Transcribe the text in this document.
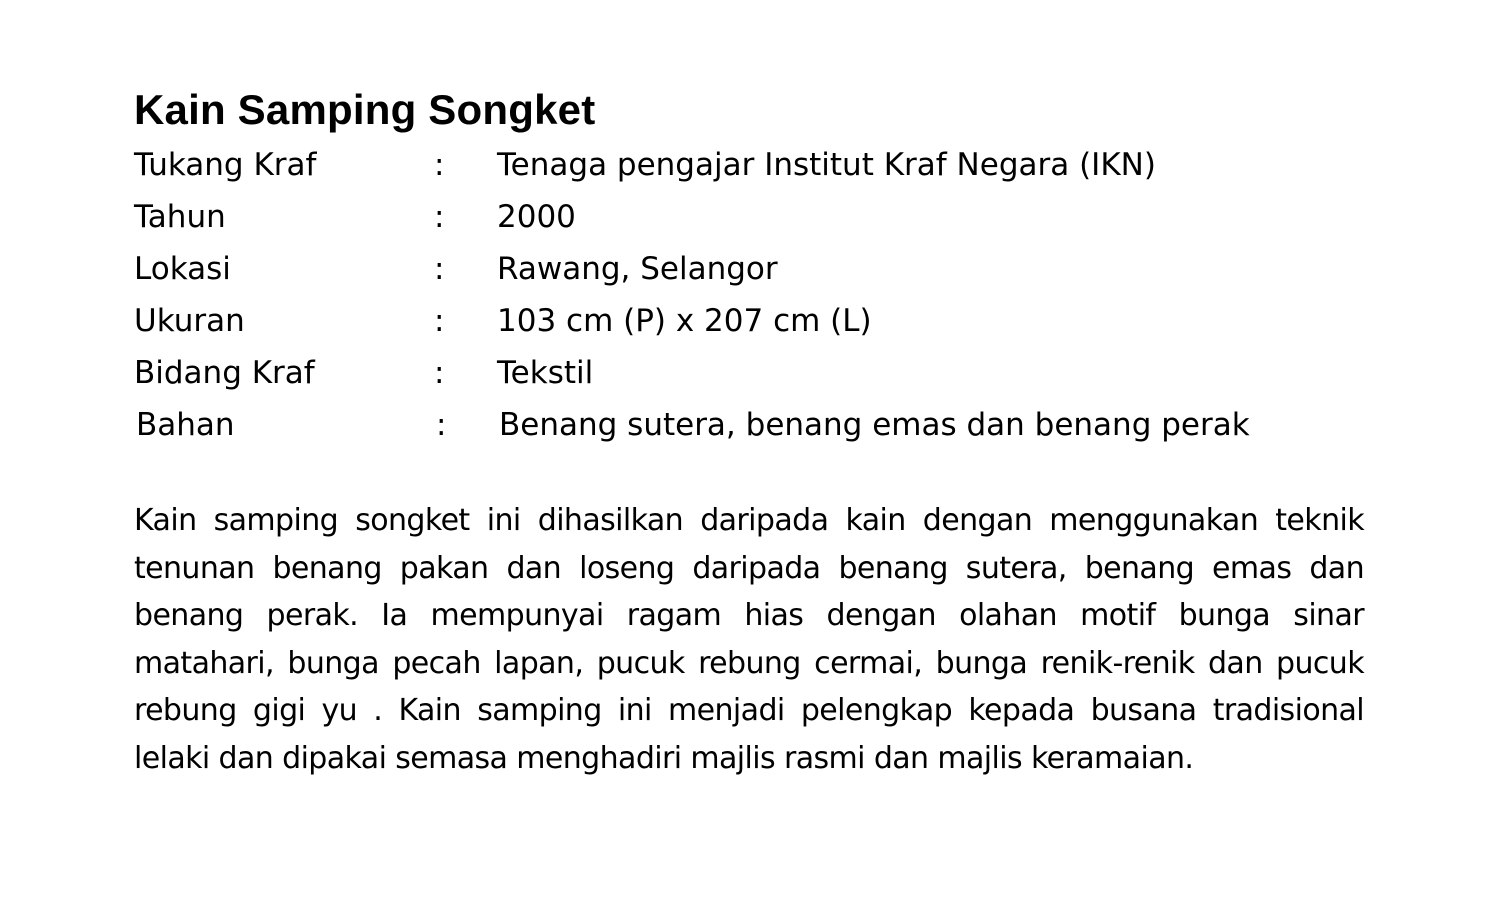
Kain Samping Songket
Tukang Kraf	:	Tenaga pengajar Institut Kraf Negara (IKN)
Tahun	:	2000
Lokasi	:	Rawang, Selangor
Ukuran	:	103 cm (P) x 207 cm (L)
Bidang Kraf	:	Tekstil
Bahan	:	Benang sutera, benang emas dan benang perak

Kain samping songket ini dihasilkan daripada kain dengan menggunakan teknik tenunan benang pakan dan loseng daripada benang sutera, benang emas dan benang perak. Ia mempunyai ragam hias dengan olahan motif bunga sinar matahari, bunga pecah lapan, pucuk rebung cermai, bunga renik-renik dan pucuk rebung gigi yu . Kain samping ini menjadi pelengkap kepada busana tradisional lelaki dan dipakai semasa menghadiri majlis rasmi dan majlis keramaian.
